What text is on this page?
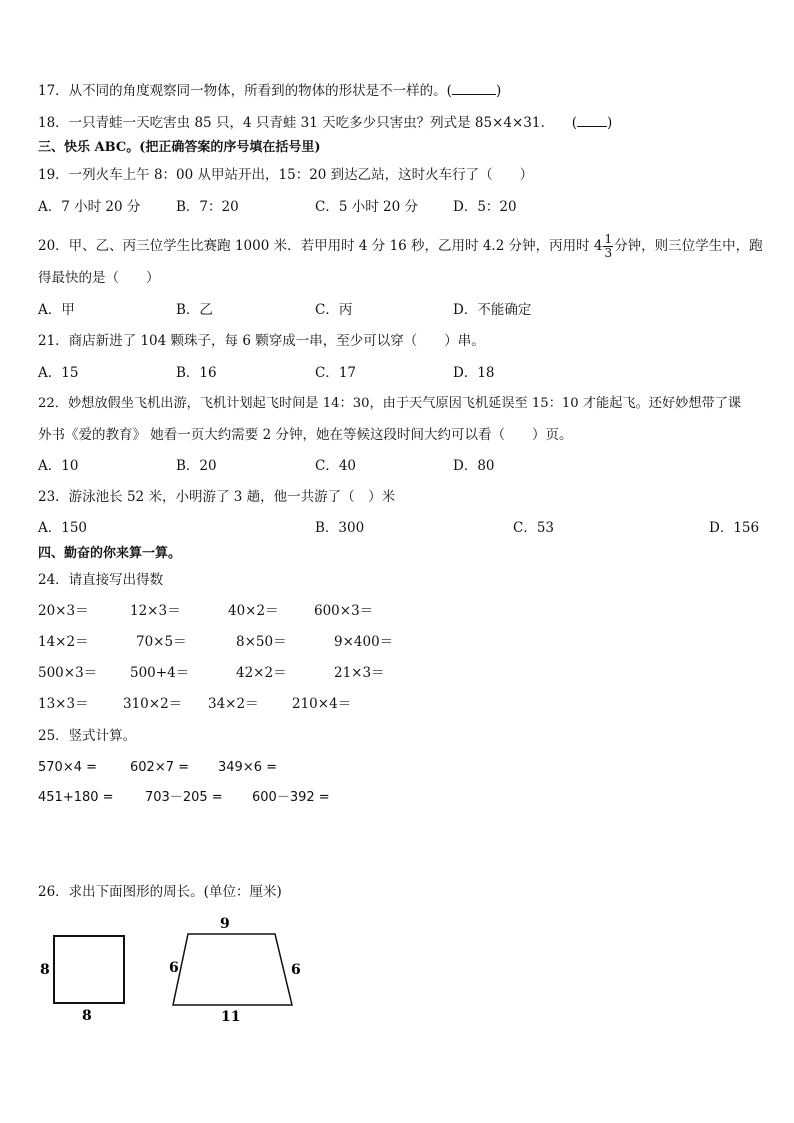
17．从不同的角度观察同一物体，所看到的物体的形状是不一样的。(	)
18．一只青蛙一天吃害虫 85 只，4 只青蛙 31 天吃多少只害虫？列式是 85×4×31.　　( )
三、快乐 ABC。(把正确答案的序号填在括号里)
19．一列火车上午 8：00 从甲站开出，15：20 到达乙站，这时火车行了（　　）
A．7 小时 20 分	B．7：20	C．5 小时 20 分	D．5：20
20．甲、乙、丙三位学生比赛跑 1000 米．若甲用时 4 分 16 秒，乙用时 4.2 分钟，丙用时 $4 \frac{1}{3}$ 分钟，则三位学生中，跑
得最快的是（　　）
A．甲	B．乙	C．丙	D．不能确定
21．商店新进了 104 颗珠子，每 6 颗穿成一串，至少可以穿（　　）串。
A．15	B．16	C．17	D．18
22．妙想放假坐飞机出游，飞机计划起飞时间是 14：30，由于天气原因飞机延误至 15：10 才能起飞。还好妙想带了课
外书《爱的教育》 她看一页大约需要 2 分钟，她在等候这段时间大约可以看（　　）页。
A．10	B．20	C．40	D．80
23．游泳池长 52 米，小明游了 3 趟，他一共游了（　）米
A．150	B．300	C．53	D．156
四、勤奋的你来算一算。
24．请直接写出得数
20×3＝	12×3＝	40×2＝	600×3＝
14×2＝	70×5＝	8×50＝	9×400＝
500×3＝ 500+4＝	42×2＝	21×3＝
13×3＝	310×2＝ 34×2＝ 210×4＝
25．竖式计算。
570×4 =	602×7 = 349×6 =
451+180 = 703－205 = 600－392 =
26．求出下面图形的周长。(单位：厘米)
8
8
9
6	6
11
